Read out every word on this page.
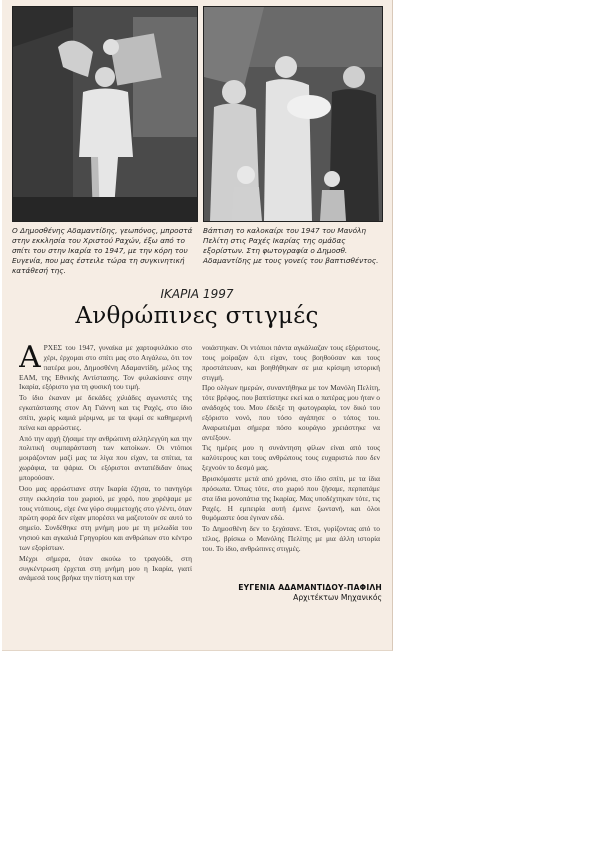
Ο Δημοσθένης Αδαμαντίδης, γεωπόνος, μπροστά στην εκκλησία του Χριστού Ραχών, έξω από το σπίτι του στην Ικαρία το 1947, με την κόρη του Ευγενία, που μας έστειλε τώρα τη συγκινητική κατάθεσή της.
Βάπτιση το καλοκαίρι του 1947 του Μανόλη Πελίτη στις Ραχές Ικαρίας της ομάδας εξορίστων. Στη φωτογραφία ο Δημοσθ. Αδαμαντίδης με τους γονείς του βαπτισθέντος.
ΙΚΑΡΙΑ 1997
Ανθρώπινες στιγμές

ΑΡΧΕΣ του 1947, γυναίκα με χαρτοφυλάκιο στο χέρι, έρχομαι στο σπίτι μας στο Αιγάλεω, ότι τον πατέρα μου, Δημοσθένη Αδαμαντίδη, μέλος της ΕΑΜ, της Εθνικής Αντίστασης. Τον φυλακίσανε στην Ικαρία, εξόριστο για τη φυσική του τιμή.

Το ίδιο έκαναν με δεκάδες χιλιάδες αγωνιστές της εγκατάστασης στον Αη Γιάννη και τις Ραχές, στο ίδιο σπίτι, χωρίς καμιά μέριμνα, με τα ψωμί σε καθημερινή πείνα και αρρώστιες.

Από την αρχή ζήσαμε την ανθρώπινη αλληλεγγύη και την πολιτική συμπαράσταση των κατοίκων. Οι ντόπιοι μοιράζονταν μαζί μας τα λίγα που είχαν, τα σπίτια, τα χωράφια, τα ψάρια. Οι εξόριστοι ανταπέδιδαν όπως μπορούσαν.

Όσο μας αρρώστιανε στην Ικαρία έζησα, το πανηγύρι στην εκκλησία του χωριού, με χορό, που χορέψαμε με τους ντόπιους, είχε ένα γύρο συμμετοχής στο γλέντι, όταν πρώτη φορά δεν είχαν μπορέσει να μαζευτούν σε αυτό το σημείο. Συνδέθηκε στη μνήμη μου με τη μελωδία του νησιού και αγκαλιά Γρηγορίου και ανθρώπων στο κέντρο των εξορίστων.

Μέχρι σήμερα, όταν ακούω το τραγούδι, στη συγκέντρωση έρχεται στη μνήμη μου η Ικαρία, γιατί ανάμεσά τους βρήκα την πίστη και την

νοιάστηκαν. Οι ντόπιοι πάντα αγκάλιαζαν τους εξόριστους, τους μοίραζαν ό,τι είχαν, τους βοηθούσαν και τους προστάτευαν, και βοηθήθηκαν σε μια κρίσιμη ιστορική στιγμή.

Προ ολίγων ημερών, συναντήθηκα με τον Μανόλη Πελίτη, τότε βρέφος, που βαπτίστηκε εκεί και ο πατέρας μου ήταν ο ανάδοχός του. Μου έδειξε τη φωτογραφία, τον δικό του εξόριστο νονό, που τόσο αγάπησε ο τόπος του. Αναρωτιέμαι σήμερα πόσο κουράγιο χρειάστηκε να αντέξουν.

Τις ημέρες μου η συνάντηση φίλων είναι από τους καλύτερους και τους ανθρώπους τους ευχαριστώ που δεν ξεχνούν το δεσμό μας.

Βρισκόμαστε μετά από χρόνια, στο ίδιο σπίτι, με τα ίδια πρόσωπα. Όπως τότε, στο χωριό που ζήσαμε, περπατάμε στα ίδια μονοπάτια της Ικαρίας. Μας υποδέχτηκαν τότε, τις Ραχές. Η εμπειρία αυτή έμεινε ζωντανή, και όλοι θυμόμαστε όσα έγιναν εδώ.

Το Δημοσθένη δεν το ξεχάσανε. Έτσι, γυρίζοντας από το τέλος, βρίσκω ο Μανόλης Πελίτης με μια άλλη ιστορία του. Το ίδιο, ανθρώπινες στιγμές.

ΕΥΓΕΝΙΑ ΑΔΑΜΑΝΤΙΔΟΥ-ΠΑΦΙΛΗ
Αρχιτέκτων Μηχανικός
